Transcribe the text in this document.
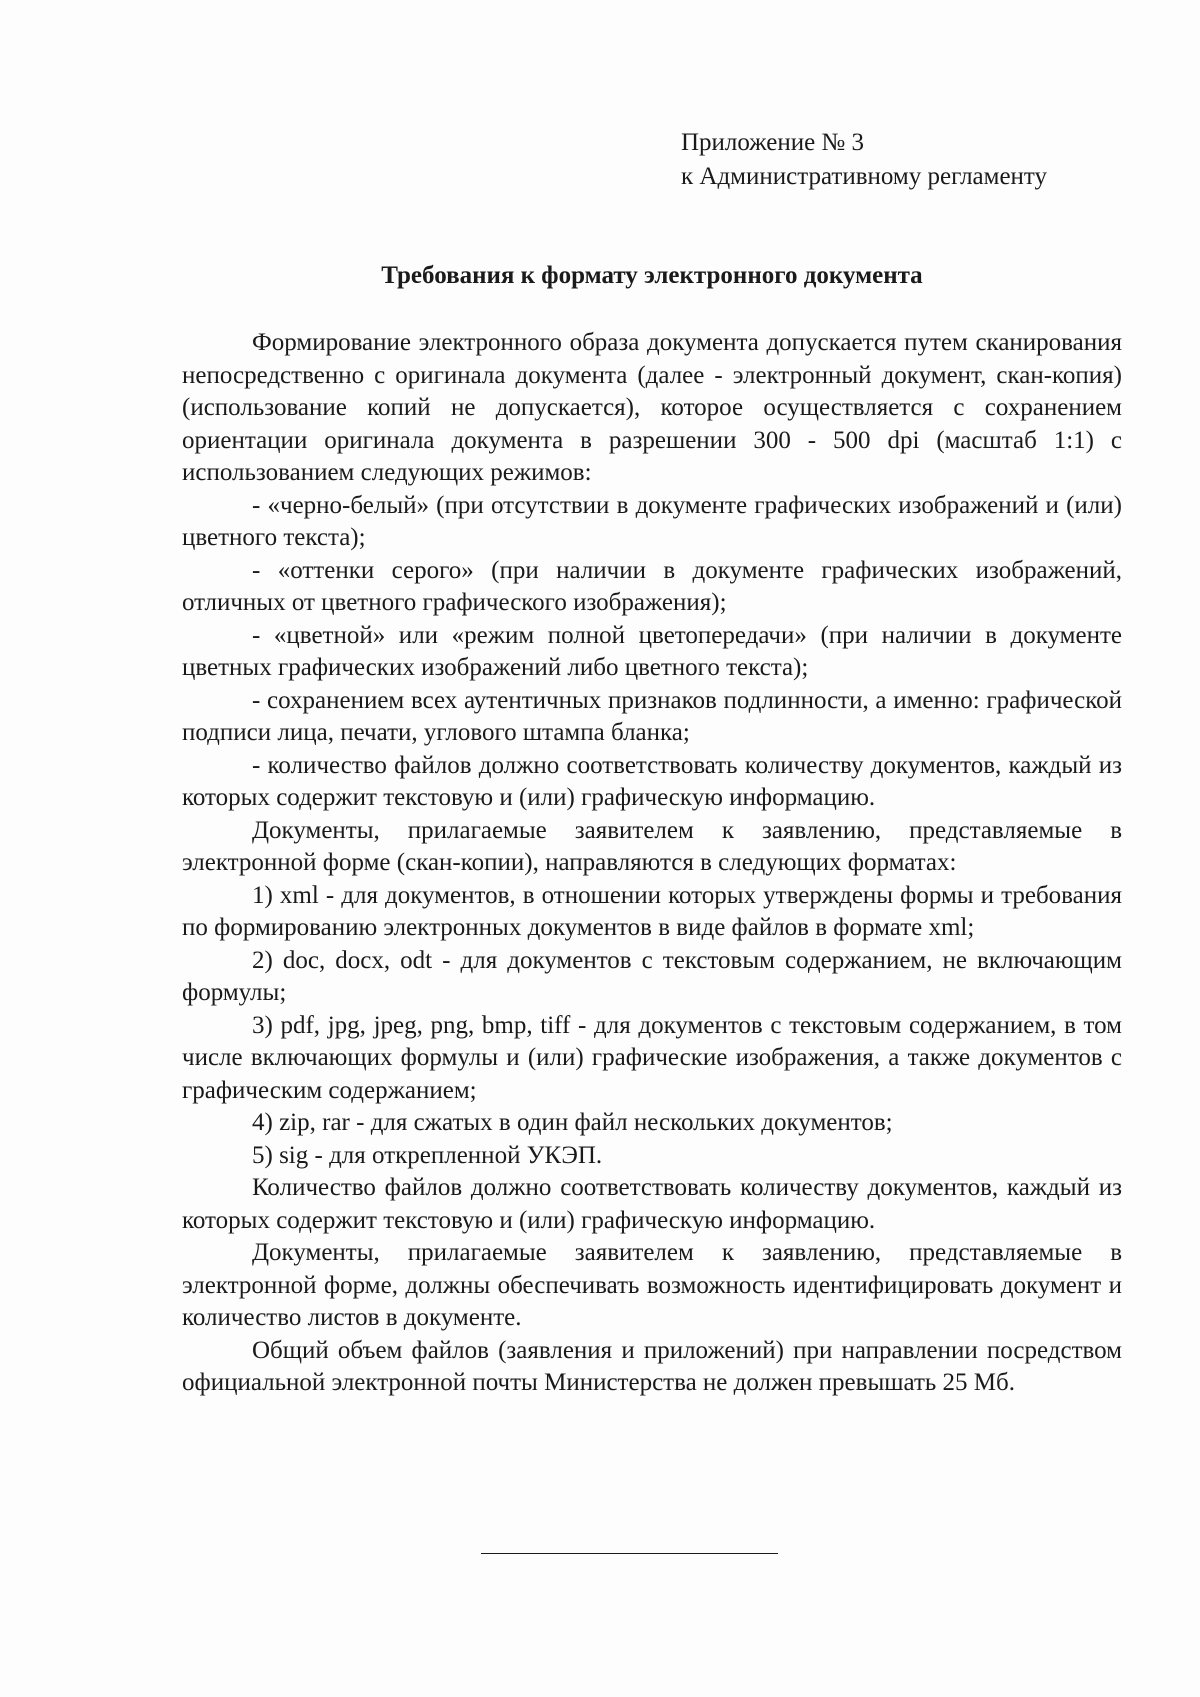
Приложение № 3
к Административному регламенту
Требования к формату электронного документа

Формирование электронного образа документа допускается путем сканирования непосредственно с оригинала документа (далее - электронный документ, скан-копия) (использование копий не допускается), которое осуществляется с сохранением ориентации оригинала документа в разрешении 300 - 500 dpi (масштаб 1:1) с использованием следующих режимов:

- «черно-белый» (при отсутствии в документе графических изображений и (или) цветного текста);

- «оттенки серого» (при наличии в документе графических изображений, отличных от цветного графического изображения);

- «цветной» или «режим полной цветопередачи» (при наличии в документе цветных графических изображений либо цветного текста);

- сохранением всех аутентичных признаков подлинности, а именно: графической подписи лица, печати, углового штампа бланка;

- количество файлов должно соответствовать количеству документов, каждый из которых содержит текстовую и (или) графическую информацию.

Документы, прилагаемые заявителем к заявлению, представляемые в электронной форме (скан-копии), направляются в следующих форматах:

1) xml - для документов, в отношении которых утверждены формы и требования по формированию электронных документов в виде файлов в формате xml;

2) doc, docx, odt - для документов с текстовым содержанием, не включающим формулы;

3) pdf, jpg, jpeg, png, bmp, tiff - для документов с текстовым содержанием, в том числе включающих формулы и (или) графические изображения, а также документов с графическим содержанием;

4) zip, rar - для сжатых в один файл нескольких документов;

5) sig - для открепленной УКЭП.

Количество файлов должно соответствовать количеству документов, каждый из которых содержит текстовую и (или) графическую информацию.

Документы, прилагаемые заявителем к заявлению, представляемые в электронной форме, должны обеспечивать возможность идентифицировать документ и количество листов в документе.

Общий объем файлов (заявления и приложений) при направлении посредством официальной электронной почты Министерства не должен превышать 25 Мб.
